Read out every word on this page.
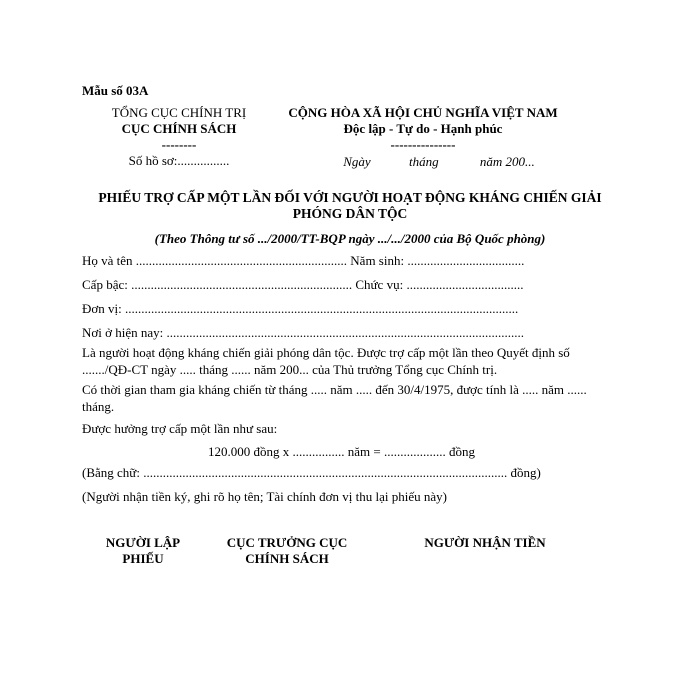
Mẫu số 03A
TỔNG CỤC CHÍNH TRỊ
CỤC CHÍNH SÁCH
--------
Số hồ sơ:................
CỘNG HÒA XÃ HỘI CHỦ NGHĨA VIỆT NAM
Độc lập - Tự do - Hạnh phúc
---------------
Ngày	tháng	năm 200...
PHIẾU TRỢ CẤP MỘT LẦN ĐỐI VỚI NGƯỜI HOẠT ĐỘNG KHÁNG CHIẾN GIẢI PHÓNG DÂN TỘC
(Theo Thông tư số .../2000/TT-BQP ngày .../.../2000 của Bộ Quốc phòng)
Họ và tên ................................................................. Năm sinh: ....................................
Cấp bậc: .................................................................... Chức vụ: ....................................
Đơn vị: .........................................................................................................................
Nơi ở hiện nay: ..............................................................................................................
Là người hoạt động kháng chiến giải phóng dân tộc. Được trợ cấp một lần theo Quyết định số ......./QĐ-CT ngày ..... tháng ...... năm 200... của Thủ trưởng Tổng cục Chính trị.
Có thời gian tham gia kháng chiến từ tháng ..... năm ..... đến 30/4/1975, được tính là ..... năm ...... tháng.
Được hưởng trợ cấp một lần như sau:
120.000 đồng x ................ năm = ................... đồng
(Bằng chữ: ................................................................................................................ đồng)
(Người nhận tiền ký, ghi rõ họ tên; Tài chính đơn vị thu lại phiếu này)
NGƯỜI LẬP PHIẾU
CỤC TRƯỞNG CỤC CHÍNH SÁCH
NGƯỜI NHẬN TIỀN
